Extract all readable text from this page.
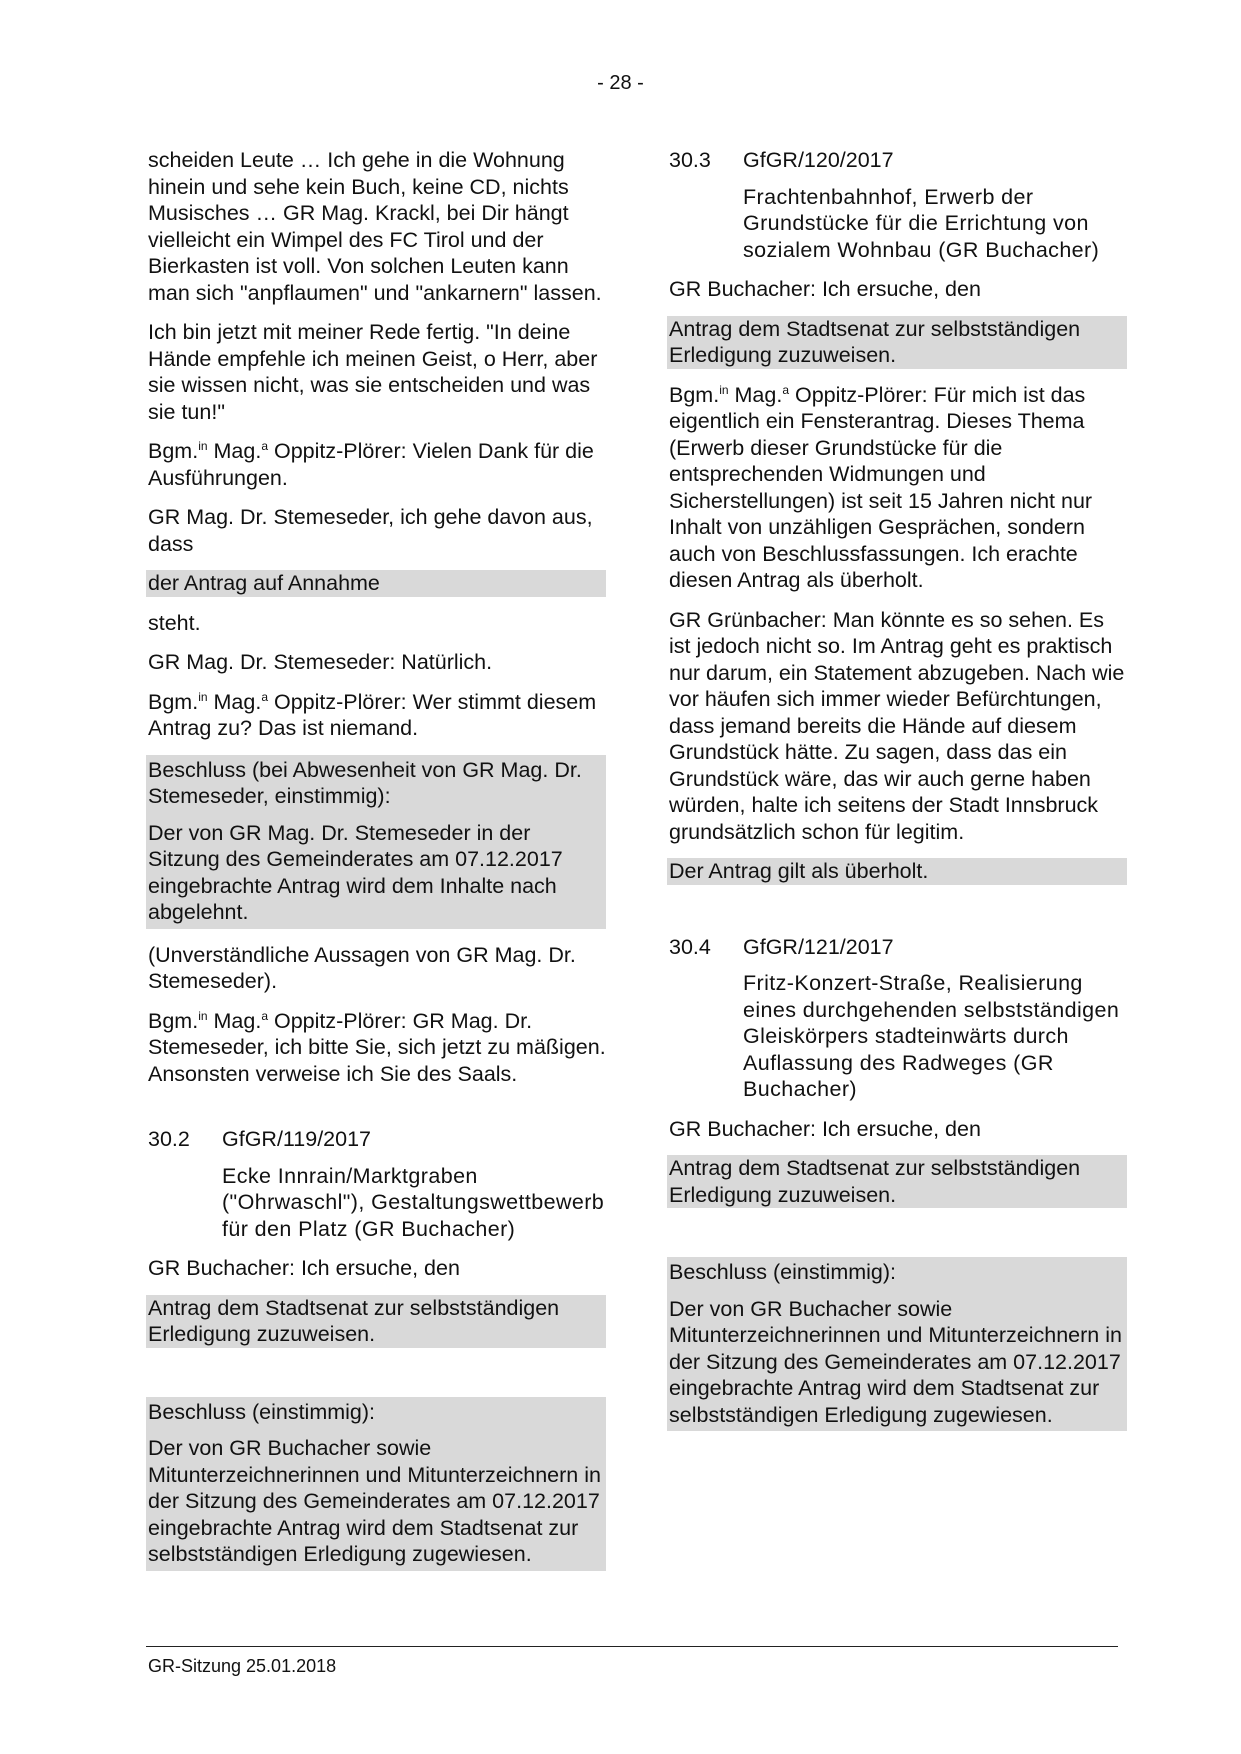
- 28 -

scheiden Leute … Ich gehe in die Wohnung hinein und sehe kein Buch, keine CD, nichts Musisches … GR Mag. Krackl, bei Dir hängt vielleicht ein Wimpel des FC Tirol und der Bierkasten ist voll. Von solchen Leuten kann man sich "anpflaumen" und "ankarnern" lassen.

Ich bin jetzt mit meiner Rede fertig. "In deine Hände empfehle ich meinen Geist, o Herr, aber sie wissen nicht, was sie entscheiden und was sie tun!"

Bgm.$^{in}$ Mag.$^a$ Oppitz-Plörer: Vielen Dank für die Ausführungen.

GR Mag. Dr. Stemeseder, ich gehe davon aus, dass

der Antrag auf Annahme

steht.

GR Mag. Dr. Stemeseder: Natürlich.

Bgm.$^{in}$ Mag.$^a$ Oppitz-Plörer: Wer stimmt diesem Antrag zu? Das ist niemand.

Beschluss (bei Abwesenheit von GR Mag. Dr. Stemeseder, einstimmig):

Der von GR Mag. Dr. Stemeseder in der Sitzung des Gemeinderates am 07.12.2017 eingebrachte Antrag wird dem Inhalte nach abgelehnt.

(Unverständliche Aussagen von GR Mag. Dr. Stemeseder).

Bgm.$^{in}$ Mag.$^a$ Oppitz-Plörer: GR Mag. Dr. Stemeseder, ich bitte Sie, sich jetzt zu mäßigen. Ansonsten verweise ich Sie des Saals.

30.2	GfGR/119/2017

Ecke Innrain/Marktgraben ("Ohrwaschl"), Gestaltungswettbewerb für den Platz (GR Buchacher)

GR Buchacher: Ich ersuche, den

Antrag dem Stadtsenat zur selbstständigen Erledigung zuzuweisen.

Beschluss (einstimmig):

Der von GR Buchacher sowie Mitunterzeichnerinnen und Mitunterzeichnern in der Sitzung des Gemeinderates am 07.12.2017 eingebrachte Antrag wird dem Stadtsenat zur selbstständigen Erledigung zugewiesen.

30.3	GfGR/120/2017

Frachtenbahnhof, Erwerb der Grundstücke für die Errichtung von sozialem Wohnbau (GR Buchacher)

GR Buchacher: Ich ersuche, den

Antrag dem Stadtsenat zur selbstständigen Erledigung zuzuweisen.

Bgm.$^{in}$ Mag.$^a$ Oppitz-Plörer: Für mich ist das eigentlich ein Fensterantrag. Dieses Thema (Erwerb dieser Grundstücke für die entsprechenden Widmungen und Sicherstellungen) ist seit 15 Jahren nicht nur Inhalt von unzähligen Gesprächen, sondern auch von Beschlussfassungen. Ich erachte diesen Antrag als überholt.

GR Grünbacher: Man könnte es so sehen. Es ist jedoch nicht so. Im Antrag geht es praktisch nur darum, ein Statement abzugeben. Nach wie vor häufen sich immer wieder Befürchtungen, dass jemand bereits die Hände auf diesem Grundstück hätte. Zu sagen, dass das ein Grundstück wäre, das wir auch gerne haben würden, halte ich seitens der Stadt Innsbruck grundsätzlich schon für legitim.

Der Antrag gilt als überholt.

30.4	GfGR/121/2017

Fritz-Konzert-Straße, Realisierung eines durchgehenden selbstständigen Gleiskörpers stadteinwärts durch Auflassung des Radweges (GR Buchacher)

GR Buchacher: Ich ersuche, den

Antrag dem Stadtsenat zur selbstständigen Erledigung zuzuweisen.

Beschluss (einstimmig):

Der von GR Buchacher sowie Mitunterzeichnerinnen und Mitunterzeichnern in der Sitzung des Gemeinderates am 07.12.2017 eingebrachte Antrag wird dem Stadtsenat zur selbstständigen Erledigung zugewiesen.

GR-Sitzung 25.01.2018
